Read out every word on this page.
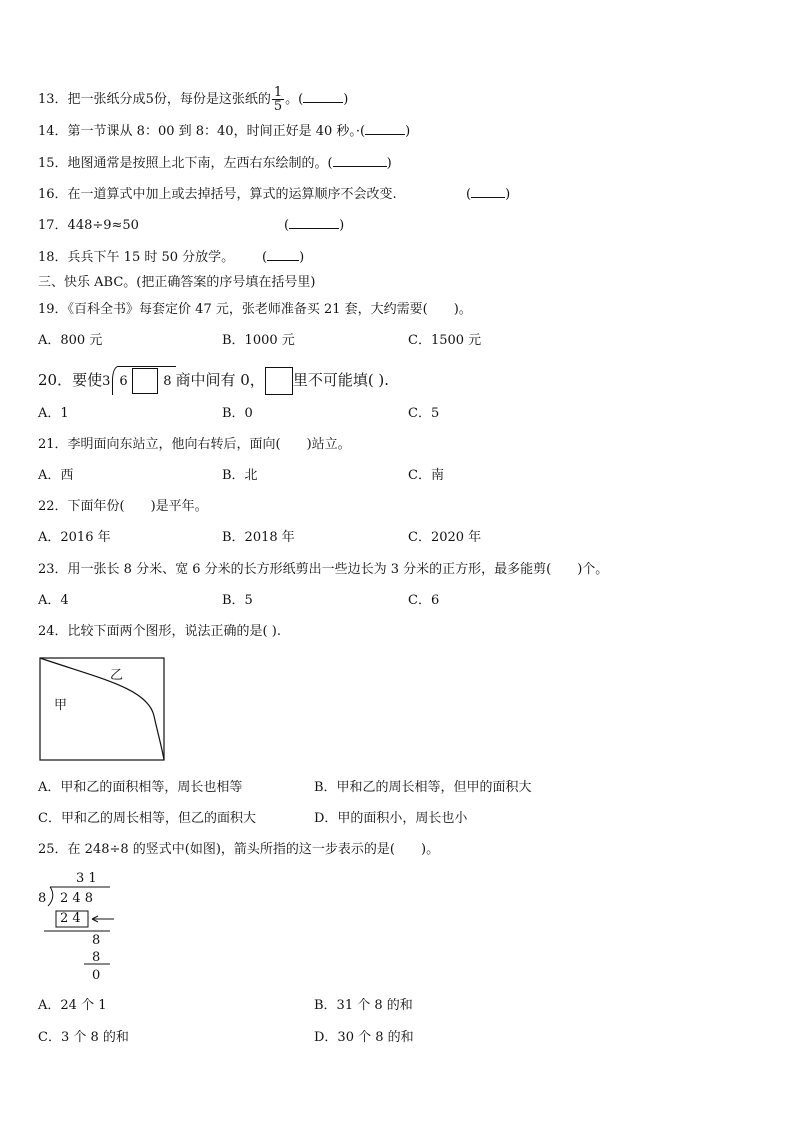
13．把一张纸分成5份，每份是这张纸的 $\frac{1}{5}$ 。(	)
14．第一节课从 8：00 到 8：40，时间正好是 40 秒。·(	)
15．地图通常是按照上北下南，左西右东绘制的。(	)
16．在一道算式中加上或去掉括号，算式的运算顺序不会改变.	(	)
17．448÷9≈50	(	)
18．兵兵下午 15 时 50 分放学。 ( )
三、快乐 ABC。(把正确答案的序号填在括号里)
19．《百科全书》每套定价 47 元，张老师准备买 21 套，大约需要(　　)。
A．800 元	B．1000 元	C．1500 元
20．要使3 6	8 商中间有 0， 里不可能填( ).
A．1	B．0	C．5
21．李明面向东站立，他向右转后，面向(　　)站立。
A．西	B．北	C．南
22．下面年份(　　)是平年。
A．2016 年	B．2018 年	C．2020 年
23．用一张长 8 分米、宽 6 分米的长方形纸剪出一些边长为 3 分米的正方形，最多能剪(　　)个。
A．4	B．5	C．6
24．比较下面两个图形，说法正确的是( ).
甲
乙
A．甲和乙的面积相等，周长也相等	B．甲和乙的周长相等，但甲的面积大
C．甲和乙的周长相等，但乙的面积大	D．甲的面积小，周长也小
25．在 248÷8 的竖式中(如图)，箭头所指的这一步表示的是(　　)。
3 1
8 2 4 8
2 4
8
8
0
A．24 个 1	B．31 个 8 的和
C．3 个 8 的和	D．30 个 8 的和
